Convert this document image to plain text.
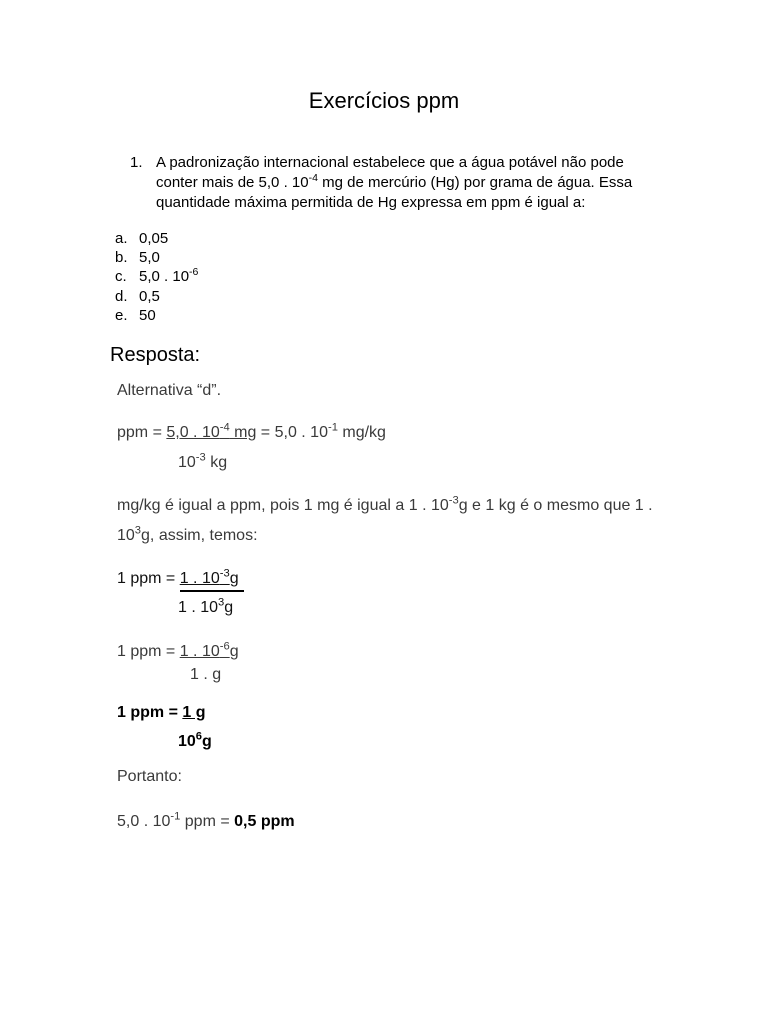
Exercícios ppm
1. A padronização internacional estabelece que a água potável não pode
conter mais de 5,0 . $10^{-4}$ mg de mercúrio (Hg) por grama de água. Essa
quantidade máxima permitida de Hg expressa em ppm é igual a:
a. 0,05
b. 5,0
c. 5,0 . $10^{-6}$
d. 0,5
e. 50
Resposta:
Alternativa “d”.
ppm = 5,0 . $10^{-4}$ mg = 5,0 . $10^{-1}$ mg/kg
$10^{-3}$ kg
mg/kg é igual a ppm, pois 1 mg é igual a 1 . $10^{-3}g$ e 1 kg é o mesmo que 1 .
$10^3g$, assim, temos:
1 ppm = 1 . $10^{-3}g$
1 . $10^3g$
1 ppm = 1 . $10^{-6}g$
1 . g
1 ppm = 1 g
$10^6g$
Portanto:
5,0 . $10^{-1}$ ppm = 0,5 ppm
